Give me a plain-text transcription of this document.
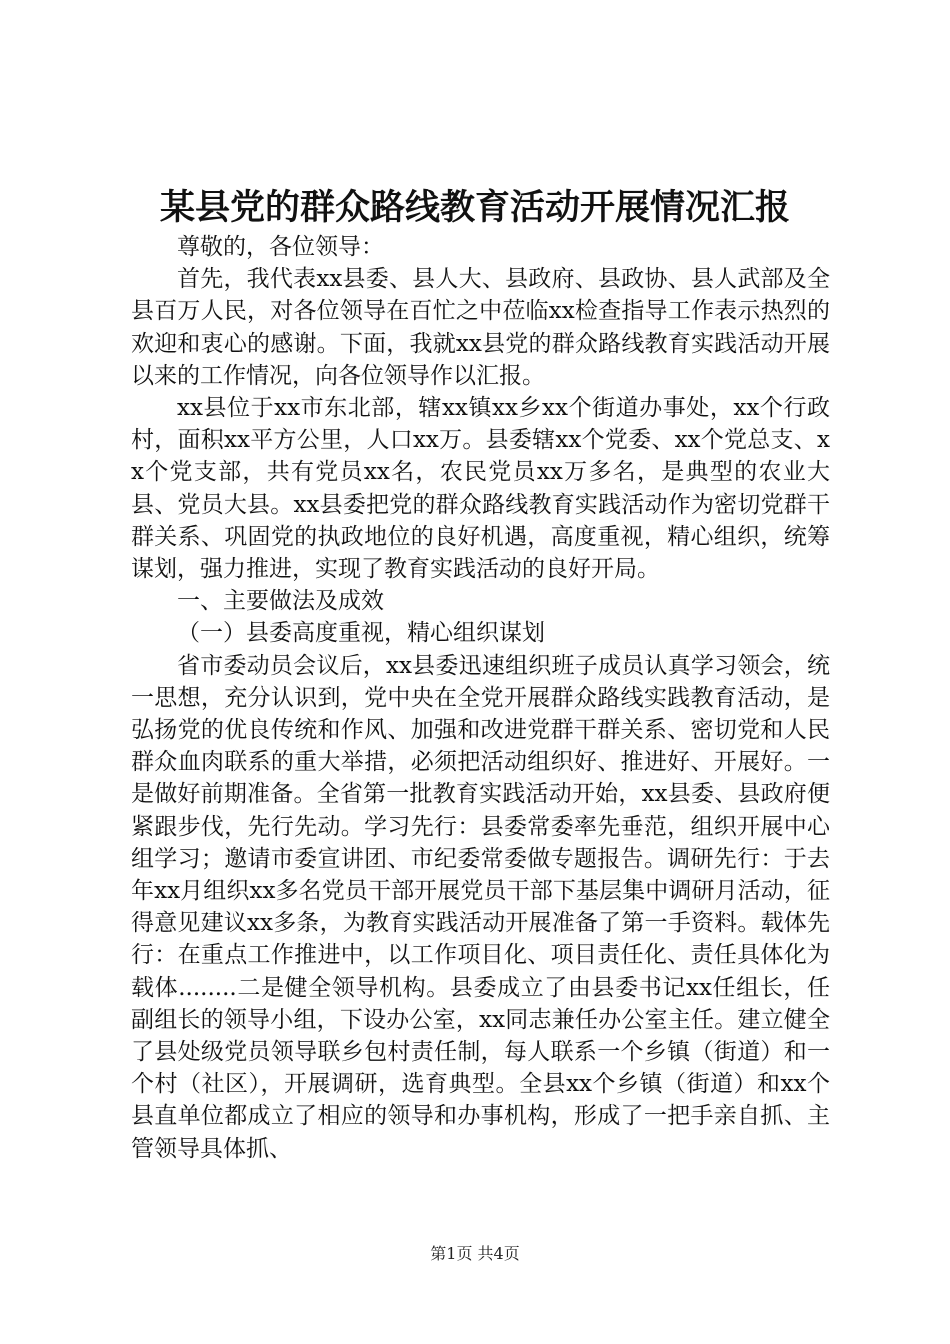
某县党的群众路线教育活动开展情况汇报

尊敬的，各位领导：

首先，我代表xx县委、县人大、县政府、县政协、县人武部及全县百万人民，对各位领导在百忙之中莅临xx检查指导工作表示热烈的欢迎和衷心的感谢。下面，我就xx县党的群众路线教育实践活动开展以来的工作情况，向各位领导作以汇报。

xx县位于xx市东北部，辖xx镇xx乡xx个街道办事处，xx个行政村，面积xx平方公里，人口xx万。县委辖xx个党委、xx个党总支、xx个党支部，共有党员xx名，农民党员xx万多名，是典型的农业大县、党员大县。xx县委把党的群众路线教育实践活动作为密切党群干群关系、巩固党的执政地位的良好机遇，高度重视，精心组织，统筹谋划，强力推进，实现了教育实践活动的良好开局。

一、主要做法及成效

（一）县委高度重视，精心组织谋划

省市委动员会议后，xx县委迅速组织班子成员认真学习领会，统一思想，充分认识到，党中央在全党开展群众路线实践教育活动，是弘扬党的优良传统和作风、加强和改进党群干群关系、密切党和人民群众血肉联系的重大举措，必须把活动组织好、推进好、开展好。一是做好前期准备。全省第一批教育实践活动开始，xx县委、县政府便紧跟步伐，先行先动。学习先行：县委常委率先垂范，组织开展中心组学习；邀请市委宣讲团、市纪委常委做专题报告。调研先行：于去年xx月组织xx多名党员干部开展党员干部下基层集中调研月活动，征得意见建议xx多条，为教育实践活动开展准备了第一手资料。载体先行：在重点工作推进中，以工作项目化、项目责任化、责任具体化为载体........二是健全领导机构。县委成立了由县委书记xx任组长，任副组长的领导小组，下设办公室，xx同志兼任办公室主任。建立健全了县处级党员领导联乡包村责任制，每人联系一个乡镇（街道）和一个村（社区），开展调研，选育典型。全县xx个乡镇（街道）和xx个县直单位都成立了相应的领导和办事机构，形成了一把手亲自抓、主管领导具体抓、

第1页 共4页
